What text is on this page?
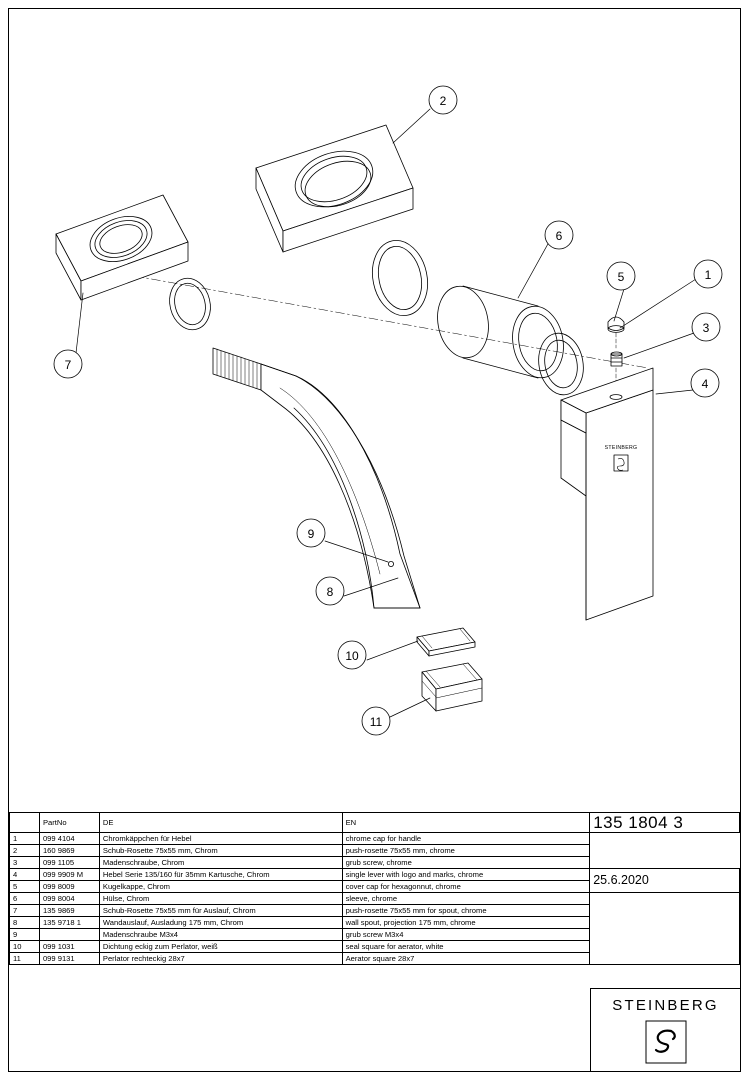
2
6
5	1
3
4
7
9
8
10
11
STEINBERG
	PartNo	DE	EN	135 1804 3
1	099 4104	Chromkäppchen für Hebel	chrome cap for handle	
2	160 9869	Schub-Rosette 75x55 mm, Chrom	push-rosette 75x55 mm, chrome	
3	099 1105	Madenschraube, Chrom	grub screw, chrome	
4	099 9909 M	Hebel Serie 135/160 für 35mm Kartusche, Chrom	single lever with logo and marks, chrome	25.6.2020
5	099 8009	Kugelkappe, Chrom	cover cap for hexagonnut, chrome	
6	099 8004	Hülse, Chrom	sleeve, chrome	
7	135 9869	Schub-Rosette 75x55 mm für Auslauf, Chrom	push-rosette 75x55 mm for spout, chrome	
8	135 9718 1	Wandauslauf, Ausladung 175 mm, Chrom	wall spout, projection 175 mm, chrome	
9		Madenschraube M3x4	grub screw M3x4	
10	099 1031	Dichtung eckig zum Perlator, weiß	seal square for aerator, white	
11	099 9131	Perlator rechteckig 28x7	Aerator square 28x7	
STEINBERG
